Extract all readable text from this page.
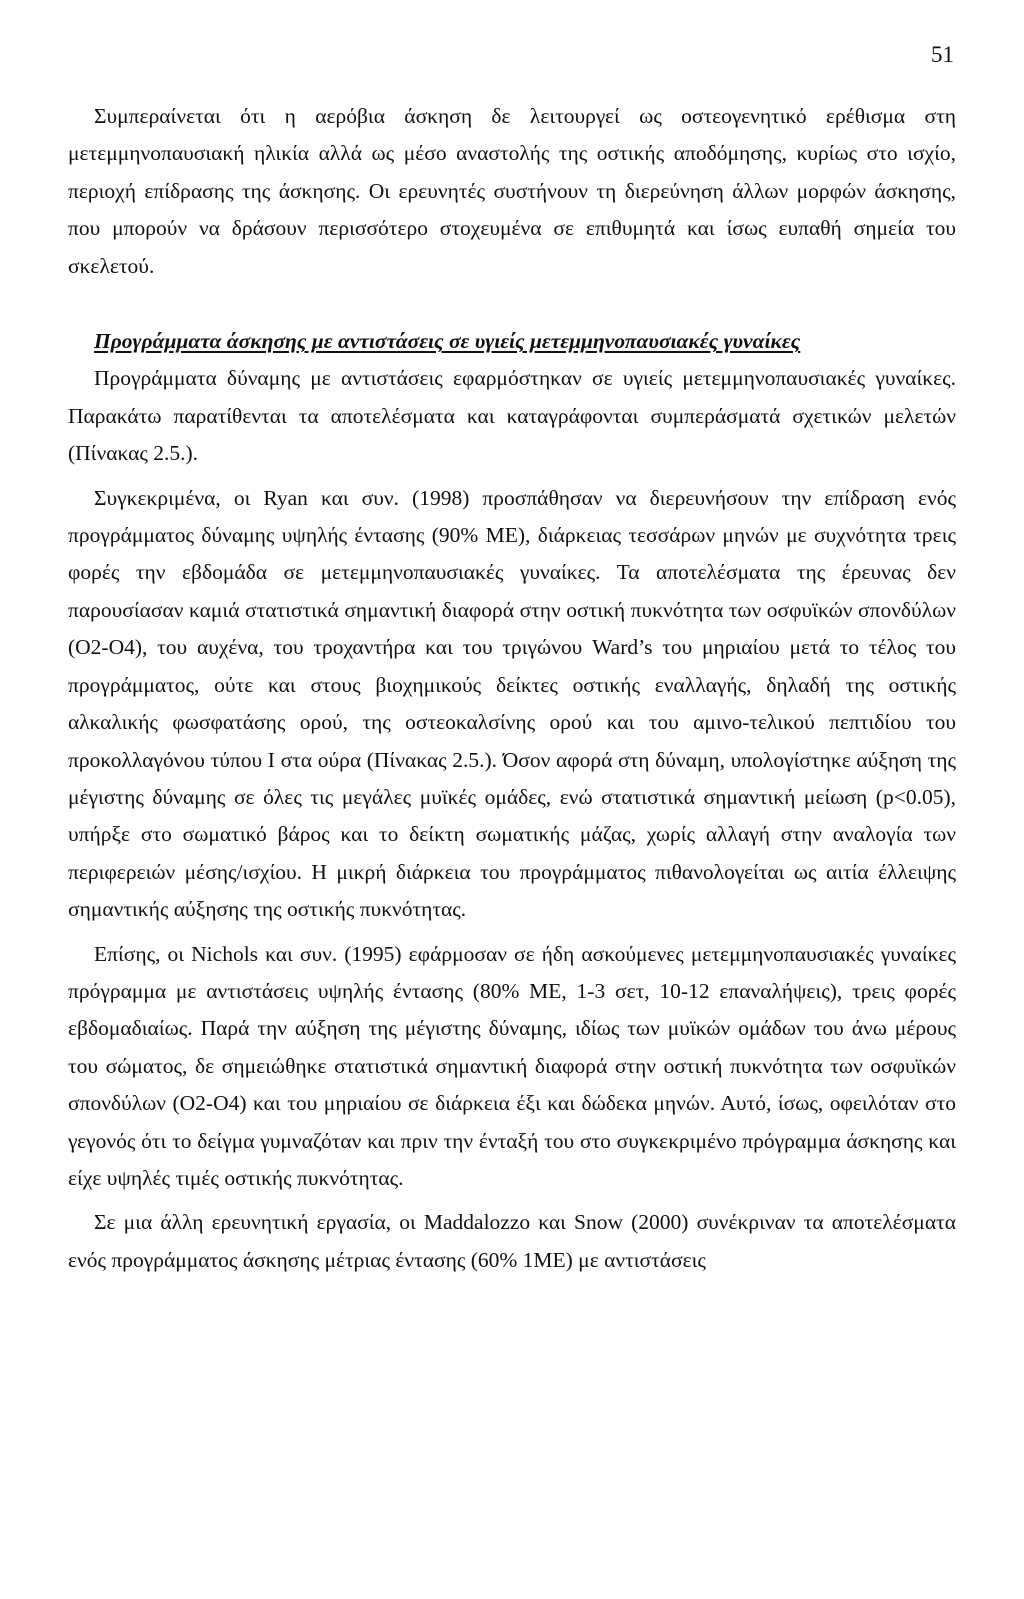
51

Συμπεραίνεται ότι η αερόβια άσκηση δε λειτουργεί ως οστεογενητικό ερέθισμα στη μετεμμηνοπαυσιακή ηλικία αλλά ως μέσο αναστολής της οστικής αποδόμησης, κυρίως στο ισχίο, περιοχή επίδρασης της άσκησης. Οι ερευνητές συστήνουν τη διερεύνηση άλλων μορφών άσκησης, που μπορούν να δράσουν περισσότερο στοχευμένα σε επιθυμητά και ίσως ευπαθή σημεία του σκελετού.

Προγράμματα άσκησης με αντιστάσεις σε υγιείς μετεμμηνοπαυσιακές γυναίκες

Προγράμματα δύναμης με αντιστάσεις εφαρμόστηκαν σε υγιείς μετεμμηνοπαυσιακές γυναίκες. Παρακάτω παρατίθενται τα αποτελέσματα και καταγράφονται συμπεράσματά σχετικών μελετών (Πίνακας 2.5.).

Συγκεκριμένα, οι Ryan και συν. (1998) προσπάθησαν να διερευνήσουν την επίδραση ενός προγράμματος δύναμης υψηλής έντασης (90% ΜΕ), διάρκειας τεσσάρων μηνών με συχνότητα τρεις φορές την εβδομάδα σε μετεμμηνοπαυσιακές γυναίκες. Τα αποτελέσματα της έρευνας δεν παρουσίασαν καμιά στατιστικά σημαντική διαφορά στην οστική πυκνότητα των οσφυϊκών σπονδύλων (Ο2-Ο4), του αυχένα, του τροχαντήρα και του τριγώνου Ward’s του μηριαίου μετά το τέλος του προγράμματος, ούτε και στους βιοχημικούς δείκτες οστικής εναλλαγής, δηλαδή της οστικής αλκαλικής φωσφατάσης ορού, της οστεοκαλσίνης ορού και του αμινο-τελικού πεπτιδίου του προκολλαγόνου τύπου I στα ούρα (Πίνακας 2.5.). Όσον αφορά στη δύναμη, υπολογίστηκε αύξηση της μέγιστης δύναμης σε όλες τις μεγάλες μυϊκές ομάδες, ενώ στατιστικά σημαντική μείωση (p<0.05), υπήρξε στο σωματικό βάρος και το δείκτη σωματικής μάζας, χωρίς αλλαγή στην αναλογία των περιφερειών μέσης/ισχίου. Η μικρή διάρκεια του προγράμματος πιθανολογείται ως αιτία έλλειψης σημαντικής αύξησης της οστικής πυκνότητας.

Επίσης, οι Nichols και συν. (1995) εφάρμοσαν σε ήδη ασκούμενες μετεμμηνοπαυσιακές γυναίκες πρόγραμμα με αντιστάσεις υψηλής έντασης (80% ΜΕ, 1-3 σετ, 10-12 επαναλήψεις), τρεις φορές εβδομαδιαίως. Παρά την αύξηση της μέγιστης δύναμης, ιδίως των μυϊκών ομάδων του άνω μέρους του σώματος, δε σημειώθηκε στατιστικά σημαντική διαφορά στην οστική πυκνότητα των οσφυϊκών σπονδύλων (Ο2-Ο4) και του μηριαίου σε διάρκεια έξι και δώδεκα μηνών. Αυτό, ίσως, οφειλόταν στο γεγονός ότι το δείγμα γυμναζόταν και πριν την ένταξή του στο συγκεκριμένο πρόγραμμα άσκησης και είχε υψηλές τιμές οστικής πυκνότητας.

Σε μια άλλη ερευνητική εργασία, οι Maddalozzo και Snow (2000) συνέκριναν τα αποτελέσματα ενός προγράμματος άσκησης μέτριας έντασης (60% 1ΜΕ) με αντιστάσεις
